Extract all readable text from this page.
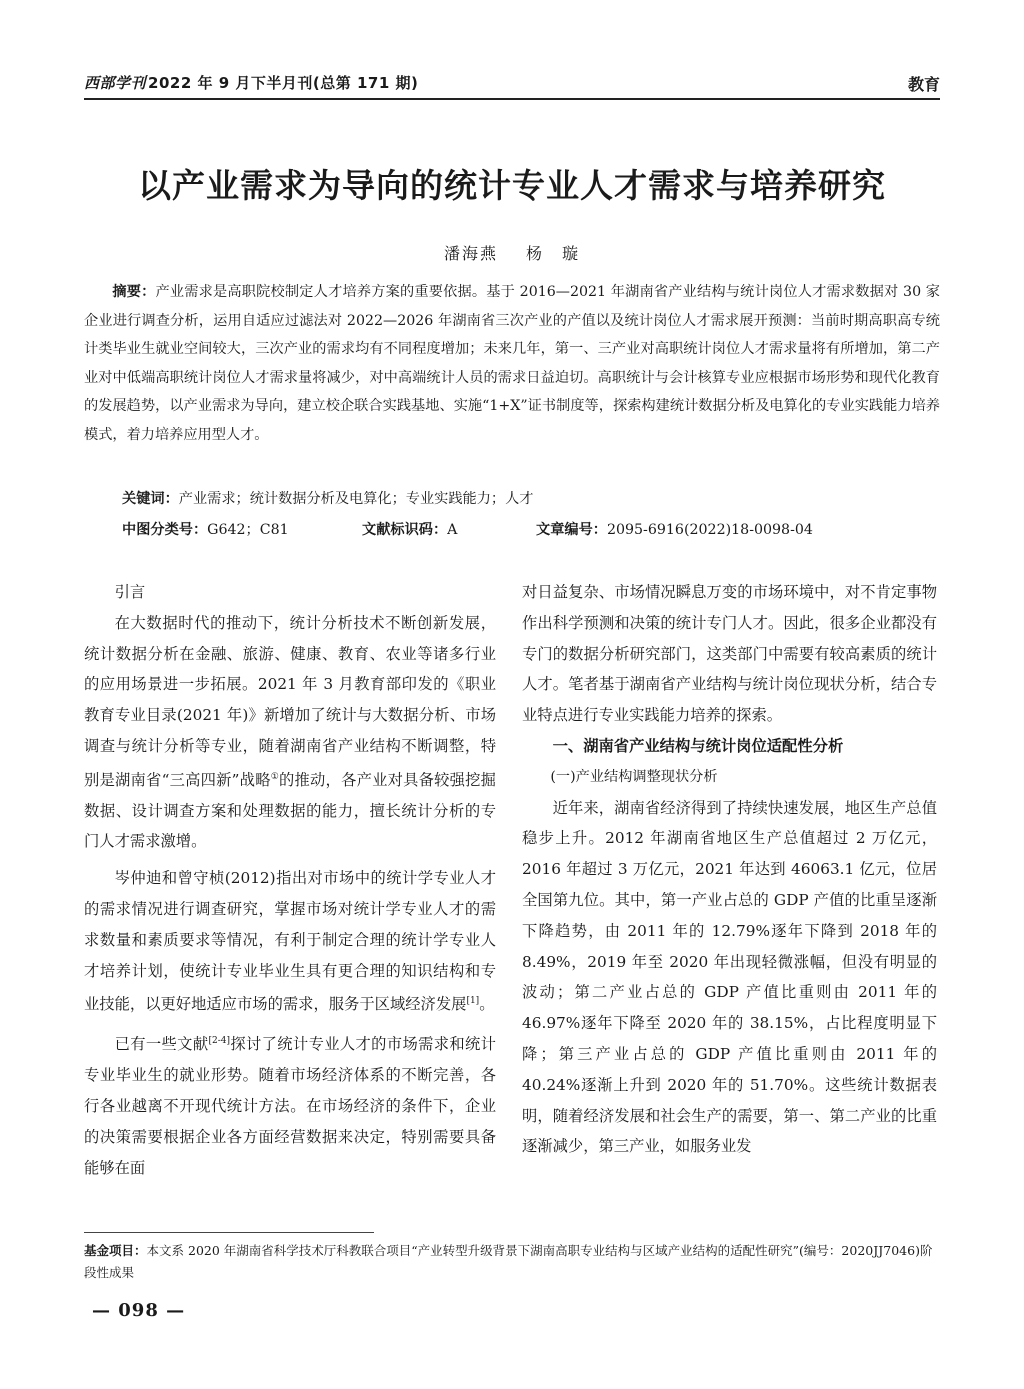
西部学刊 2022 年 9 月下半月刊(总第 171 期)	教育
以产业需求为导向的统计专业人才需求与培养研究
潘海燕 杨　璇
摘要：产业需求是高职院校制定人才培养方案的重要依据。基于 2016—2021 年湖南省产业结构与统计岗位人才需求数据对 30 家企业进行调查分析，运用自适应过滤法对 2022—2026 年湖南省三次产业的产值以及统计岗位人才需求展开预测：当前时期高职高专统计类毕业生就业空间较大，三次产业的需求均有不同程度增加；未来几年，第一、三产业对高职统计岗位人才需求量将有所增加，第二产业对中低端高职统计岗位人才需求量将减少，对中高端统计人员的需求日益迫切。高职统计与会计核算专业应根据市场形势和现代化教育的发展趋势，以产业需求为导向，建立校企联合实践基地、实施“1+X”证书制度等，探索构建统计数据分析及电算化的专业实践能力培养模式，着力培养应用型人才。
关键词：产业需求；统计数据分析及电算化；专业实践能力；人才
中图分类号：G642；C81	文献标识码：A	文章编号：2095-6916(2022)18-0098-04
引言

在大数据时代的推动下，统计分析技术不断创新发展，统计数据分析在金融、旅游、健康、教育、农业等诸多行业的应用场景进一步拓展。2021 年 3 月教育部印发的《职业教育专业目录(2021 年)》新增加了统计与大数据分析、市场调查与统计分析等专业，随着湖南省产业结构不断调整，特别是湖南省“三高四新”战略①的推动，各产业对具备较强挖掘数据、设计调查方案和处理数据的能力，擅长统计分析的专门人才需求激增。

岑仲迪和曾守桢(2012)指出对市场中的统计学专业人才的需求情况进行调查研究，掌握市场对统计学专业人才的需求数量和素质要求等情况，有利于制定合理的统计学专业人才培养计划，使统计专业毕业生具有更合理的知识结构和专业技能，以更好地适应市场的需求，服务于区域经济发展[1]。

已有一些文献[2-4]探讨了统计专业人才的市场需求和统计专业毕业生的就业形势。随着市场经济体系的不断完善，各行各业越离不开现代统计方法。在市场经济的条件下，企业的决策需要根据企业各方面经营数据来决定，特别需要具备能够在面

对日益复杂、市场情况瞬息万变的市场环境中，对不肯定事物作出科学预测和决策的统计专门人才。因此，很多企业都没有专门的数据分析研究部门，这类部门中需要有较高素质的统计人才。笔者基于湖南省产业结构与统计岗位现状分析，结合专业特点进行专业实践能力培养的探索。

一、湖南省产业结构与统计岗位适配性分析

(一)产业结构调整现状分析

近年来，湖南省经济得到了持续快速发展，地区生产总值稳步上升。2012 年湖南省地区生产总值超过 2 万亿元，2016 年超过 3 万亿元，2021 年达到 46063.1 亿元，位居全国第九位。其中，第一产业占总的 GDP 产值的比重呈逐渐下降趋势，由 2011 年的 12.79%逐年下降到 2018 年的 8.49%，2019 年至 2020 年出现轻微涨幅，但没有明显的波动；第二产业占总的 GDP 产值比重则由 2011 年的 46.97%逐年下降至 2020 年的 38.15%，占比程度明显下降；第三产业占总的 GDP 产值比重则由 2011 年的 40.24%逐渐上升到 2020 年的 51.70%。这些统计数据表明，随着经济发展和社会生产的需要，第一、第二产业的比重逐渐减少，第三产业，如服务业发

基金项目：本文系 2020 年湖南省科学技术厅科教联合项目“产业转型升级背景下湖南高职专业结构与区域产业结构的适配性研究”(编号：2020JJ7046)阶段性成果
— 098 —
